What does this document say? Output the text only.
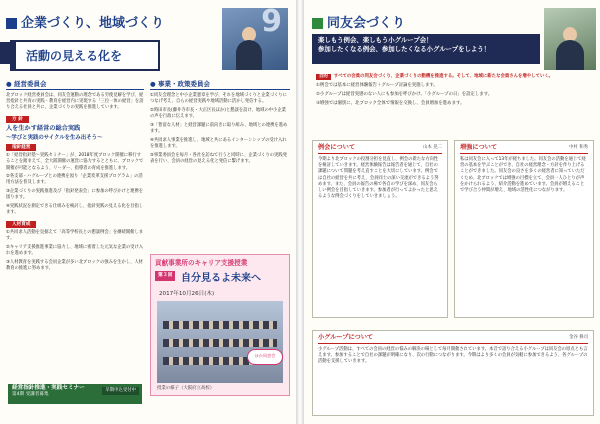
企業づくり、地域づくり	9
活動の見える化を
● 経営委員会

北ブロック経営委員会は、同友会運動の理念である労使見解を学び、経営指針と共育の実践・教育を経営内に実現する「三位一体の経営」を語り合える社員と共に、企業づくりの実践を推進しています。

方 針
人を生かす経営の総合実践
〜学びと実践のサイクルを生み出そう〜
指針経営

①「経営指針塾〜実践セミナー」が、2018年度ブロック開催に移行することを踏まえて、全大阪開催の運営に協力するとともに、ブロックで開催が可能となるよう、リーダー、指導者の育成を推進します。

②各支部・ハグループとの連携を図り「企業変革支援プログラム」の活用方法を普及します。

③企業づくりの実践推進及び「指針発表会」に参加の呼びかけと連携を図ります。

④実践状況を測定できる仕組みを検討し、指針実践の見える化を目指します。

人材育成

①共同求人活動を見据えて「高等学校長との懇談例会」を継続開催します。

②キャリア支援推進事業に協力し、地域に密着した元気な企業の受け入れを進めます。

③人材教育を実践する会員企業が多い北ブロックの強みを生かし、人材教育の推進に努めます。

経営指針推進・実践セミナー
第4期 受講者募集
早期申込受付中
● 事業・政策委員会

①同友会理念と中小企業憲章を学び、それを地域づくりと企業づくりにつなげ考え、自らの経営実践や地域活動に活かし発信する。

②時田市長(藤井寺市長・大正区長ほか)と懇談を設け、地域の中小企業の声を行政に伝えます。

③「豊富な人材」と経営課題に前向きに取り組み、地域との連携を進めます。

④共同求人事業を推進し、地域と共にあるインターンシップの受け入れを推進します。

⑤事業委員会を毎月・各社を訪ねて行うと同時に、企業づくりの実践発表を行い、会員の経営の見える化と発信に繋げます。

貢献事業所のキャリア支援授業
第３回 自分見るよ未来へ
2017年10月26日(木)
ほか同窓会
授業の様子（大阪府立高校）
同友会づくり
楽しもう例会、楽しもう小グループ会！
参加したくなる例会、参加したくなる小グループをしよう！

目的 すべての会員の同友会づくり、企業づくりの動機を推進する。そして、地域に新たな会員さんを増やしていく。

①例会では基本に経営体験報告＋グループ討論を実施します。

②小グループは経営実感のない人にも参加を呼びかけ、「小グループの日」を設定します。

③増強では個別に、北ブロック全体で情報を交換し、会員増加を進めます。

例会について	山本 晃二

今期より北ブロックの役割分担を見直し、例会の新たな方向性を検討していきます。経営体験報告は報告者を通じて、自社の課題について問題を考え直すことを大切にしています。例会では自社の経営を共に考え、会員同士の深い交流ができるよう努めます。また、会員の報告の場で各自の学びを深め、同友会らしい例会を目指していきます。参加者が行ってよかったと思えるような例会づくりをしていきましょう。

増強について	中村 和秀

私は同友会に入って13年が経ちました。同友会の活動を通じて経営の基本を学ぶことができ、自社の経営理念・方針を作り上げることができました。同友会の良さを多くの経営者に知っていただくため、北ブロックでは増強の目標を立て、会員一人ひとりが声をかけられるよう、紹介活動を進めています。会員が増えることで学び合う仲間が増え、地域の活性化につながります。

小グループについて	金谷 修司

小グループ活動は、すべての会員の経営の悩みの解決の場として毎月開催されています。本音で語り合える小グループは同友会の原点とも言えます。参加することで自社の課題が明確になり、次の行動につながります。今期はより多くの会員が気軽に参加できるよう、各グループの活動を支援していきます。
